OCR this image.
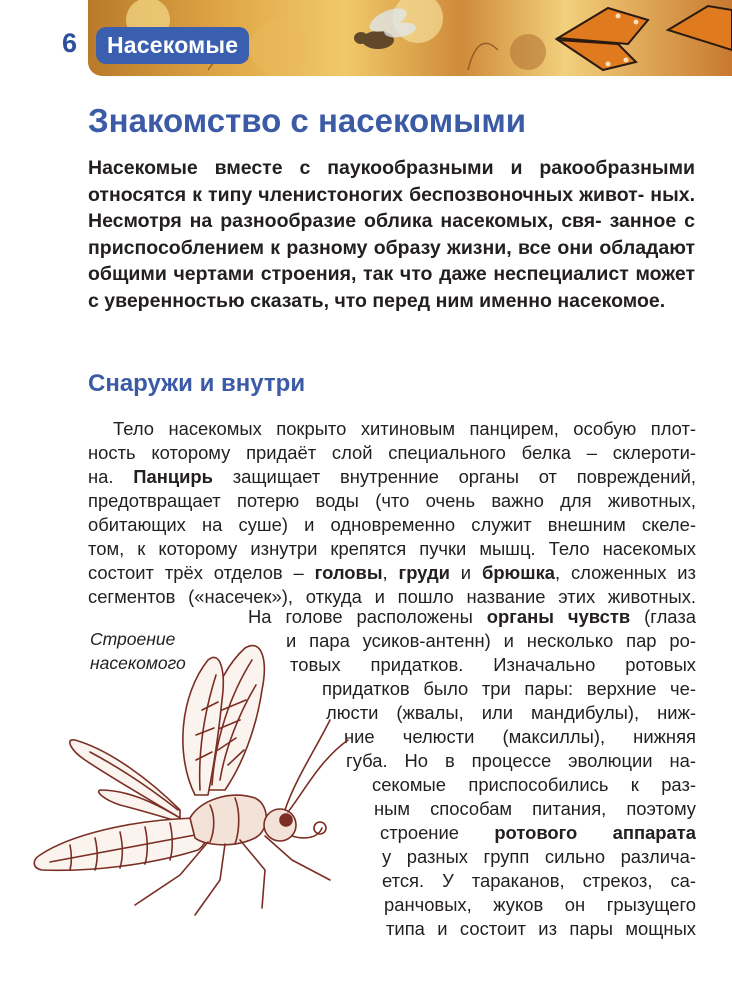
6	Насекомые
Знакомство с насекомыми

Насекомые вместе с паукообразными и ракообразными относятся к типу членистоногих беспозвоночных живот- ных. Несмотря на разнообразие облика насекомых, свя- занное с приспособлением к разному образу жизни, все они обладают общими чертами строения, так что даже неспециалист может с уверенностью сказать, что перед ним именно насекомое.

Снаружи и внутри

Тело насекомых покрыто хитиновым панцирем, особую плот-

ность которому придаёт слой специального белка – склероти-

на. Панцирь защищает внутренние органы от повреждений,

предотвращает потерю воды (что очень важно для животных,

обитающих на суше) и одновременно служит внешним скеле-

том, к которому изнутри крепятся пучки мышц. Тело насекомых

состоит трёх отделов – головы, груди и брюшка, сложенных из

сегментов («насечек»), откуда и пошло название этих животных.

На голове расположены органы чувств (глаза

и пара усиков-антенн) и несколько пар ро-

товых придатков. Изначально ротовых

придатков было три пары: верхние че-

люсти (жвалы, или мандибулы), ниж-

ние челюсти (максиллы), нижняя

губа. Но в процессе эволюции на-

секомые приспособились к раз-

ным способам питания, поэтому

строение ротового аппарата

у разных групп сильно различа-

ется. У тараканов, стрекоз, са-

ранчовых, жуков он грызущего

типа и состоит из пары мощных

Строение
насекомого
